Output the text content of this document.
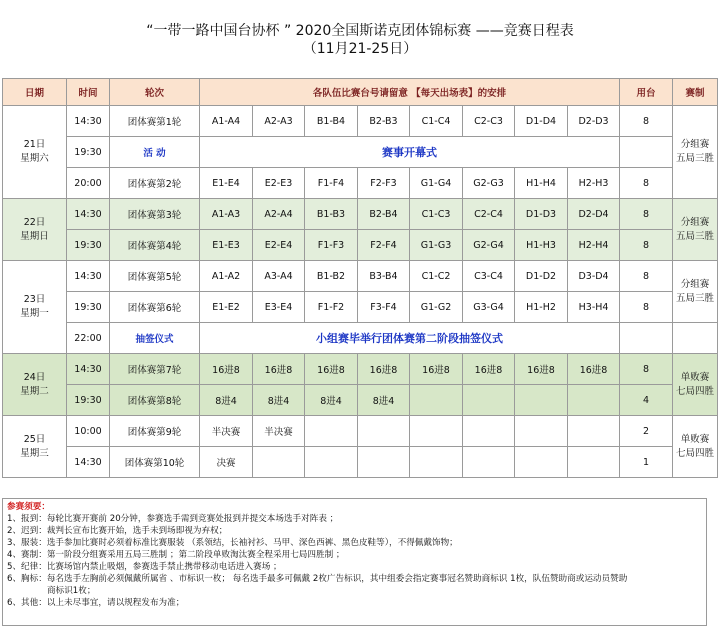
“一带一路中国台协杯 ” 2020全国斯诺克团体锦标赛 ——竞赛日程表
（11月21-25日）
日期	时间	轮次	各队伍比赛台号请留意 【每天出场表】的安排								用台	赛制
21日
星期六	14:30	团体赛第1轮	A1-A4	A2-A3	B1-B4	B2-B3	C1-C4	C2-C3	D1-D4	D2-D3	8	分组赛
五局三胜
	19:30	活 动	赛事开幕式									
	20:00	团体赛第2轮	E1-E4	E2-E3	F1-F4	F2-F3	G1-G4	G2-G3	H1-H4	H2-H3	8	
22日
星期日	14:30	团体赛第3轮	A1-A3	A2-A4	B1-B3	B2-B4	C1-C3	C2-C4	D1-D3	D2-D4	8	分组赛
五局三胜
	19:30	团体赛第4轮	E1-E3	E2-E4	F1-F3	F2-F4	G1-G3	G2-G4	H1-H3	H2-H4	8	
23日
星期一	14:30	团体赛第5轮	A1-A2	A3-A4	B1-B2	B3-B4	C1-C2	C3-C4	D1-D2	D3-D4	8	分组赛
五局三胜
	19:30	团体赛第6轮	E1-E2	E3-E4	F1-F2	F3-F4	G1-G2	G3-G4	H1-H2	H3-H4	8	
	22:00	抽签仪式	小组赛毕举行团体赛第二阶段抽签仪式									
24日
星期二	14:30	团体赛第7轮	16进8	16进8	16进8	16进8	16进8	16进8	16进8	16进8	8	单败赛
七局四胜
	19:30	团体赛第8轮	8进4	8进4	8进4	8进4					4	
25日
星期三	10:00	团体赛第9轮	半决赛	半决赛							2	单败赛
七局四胜
	14:30	团体赛第10轮	决赛								1	
参赛须要：
1、报到：每轮比赛开赛前 20分钟，参赛选手需到竞赛处报到并提交本场选手对阵表 ；
2、迟到：裁判长宣布比赛开始，选手未到场即视为弃权；
3、服装：选手参加比赛时必须着标准比赛服装 （系领结，长袖衬衫、马甲、深色西裤、黑色皮鞋等），不得佩戴饰物；
4、赛制：第一阶段分组赛采用五局三胜制 ；第二阶段单败淘汰赛全程采用七局四胜制 ；
5、纪律：比赛场馆内禁止吸烟，参赛选手禁止携带移动电话进入赛场 ；
6、胸标：每名选手左胸前必须佩戴所属省 、市标识一枚； 每名选手最多可佩戴 2枚广告标识，其中组委会指定赛事冠名赞助商标识 1枚，队伍赞助商或运动员赞助
商标识1枚；
6、其他：以上未尽事宜，请以规程发布为准；
